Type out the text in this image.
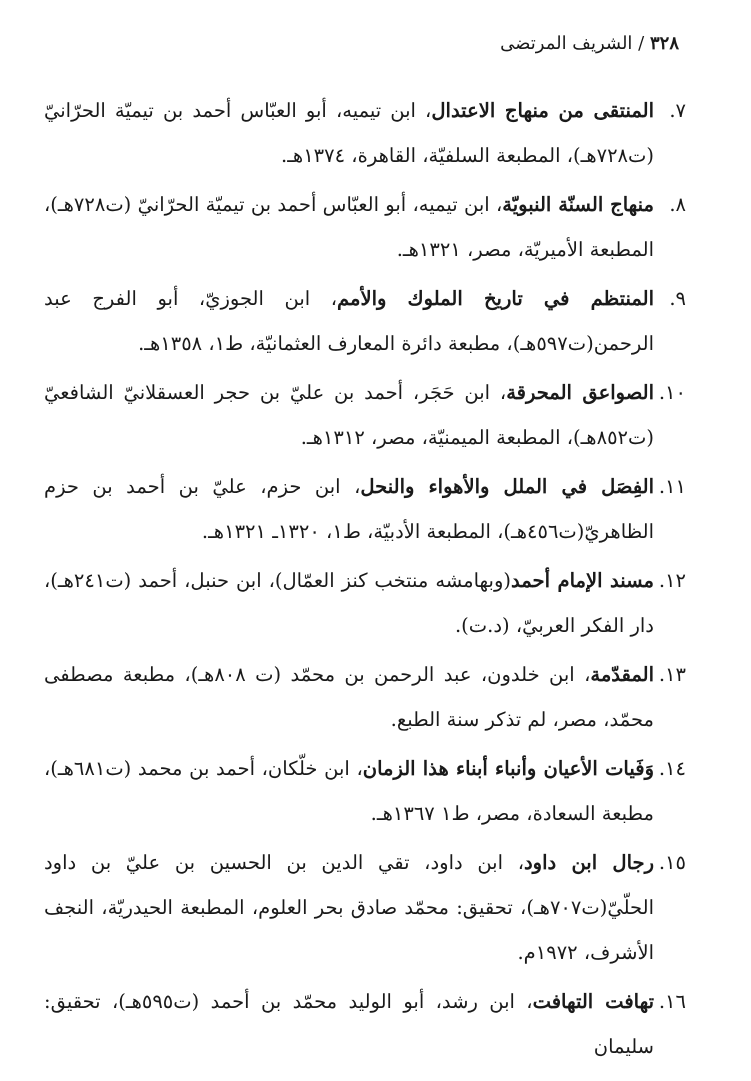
٣٢٨ / الشريف المرتضى
٧.
المنتقى من منهاج الاعتدال، ابن تيميه، أبو العبّاس أحمد بن تيميّة الحرّانيّ (ت٧٢٨هـ)، المطبعة السلفيّة، القاهرة، ١٣٧٤هـ.
٨.
منهاج السنّة النبويّة، ابن تيميه، أبو العبّاس أحمد بن تيميّة الحرّانيّ (ت٧٢٨هـ)، المطبعة الأميريّة، مصر، ١٣٢١هـ.
٩.
المنتظم في تاريخ الملوك والأمم، ابن الجوزيّ، أبو الفرج عبد الرحمن(ت٥٩٧هـ)، مطبعة دائرة المعارف العثمانيّة، ط١، ١٣٥٨هـ.
١٠.
الصواعق المحرقة، ابن حَجَر، أحمد بن عليّ بن حجر العسقلانيّ الشافعيّ (ت٨٥٢هـ)، المطبعة الميمنيّة، مصر، ١٣١٢هـ.
١١.
الفِصَل في الملل والأهواء والنحل، ابن حزم، عليّ بن أحمد بن حزم الظاهريّ(ت٤٥٦هـ)، المطبعة الأدبيّة، ط١، ١٣٢٠ـ ١٣٢١هـ.
١٢.
مسند الإمام أحمد(وبهامشه منتخب كنز العمّال)، ابن حنبل، أحمد (ت٢٤١هـ)، دار الفكر العربيّ، (د.ت).
١٣.
المقدّمة، ابن خلدون، عبد الرحمن بن محمّد (ت ٨٠٨هـ)، مطبعة مصطفى محمّد، مصر، لم تذكر سنة الطبع.
١٤.
وَفَيات الأعيان وأنباء أبناء هذا الزمان، ابن خلّكان، أحمد بن محمد (ت٦٨١هـ)، مطبعة السعادة، مصر، ط١ ١٣٦٧هـ.
١٥.
رجال ابن داود، ابن داود، تقي الدين بن الحسين بن عليّ بن داود الحلّيّ(ت٧٠٧هـ)، تحقيق: محمّد صادق بحر العلوم، المطبعة الحيدريّة، النجف الأشرف، ١٩٧٢م.
١٦.
تهافت التهافت، ابن رشد، أبو الوليد محمّد بن أحمد (ت٥٩٥هـ)، تحقيق: سليمان
